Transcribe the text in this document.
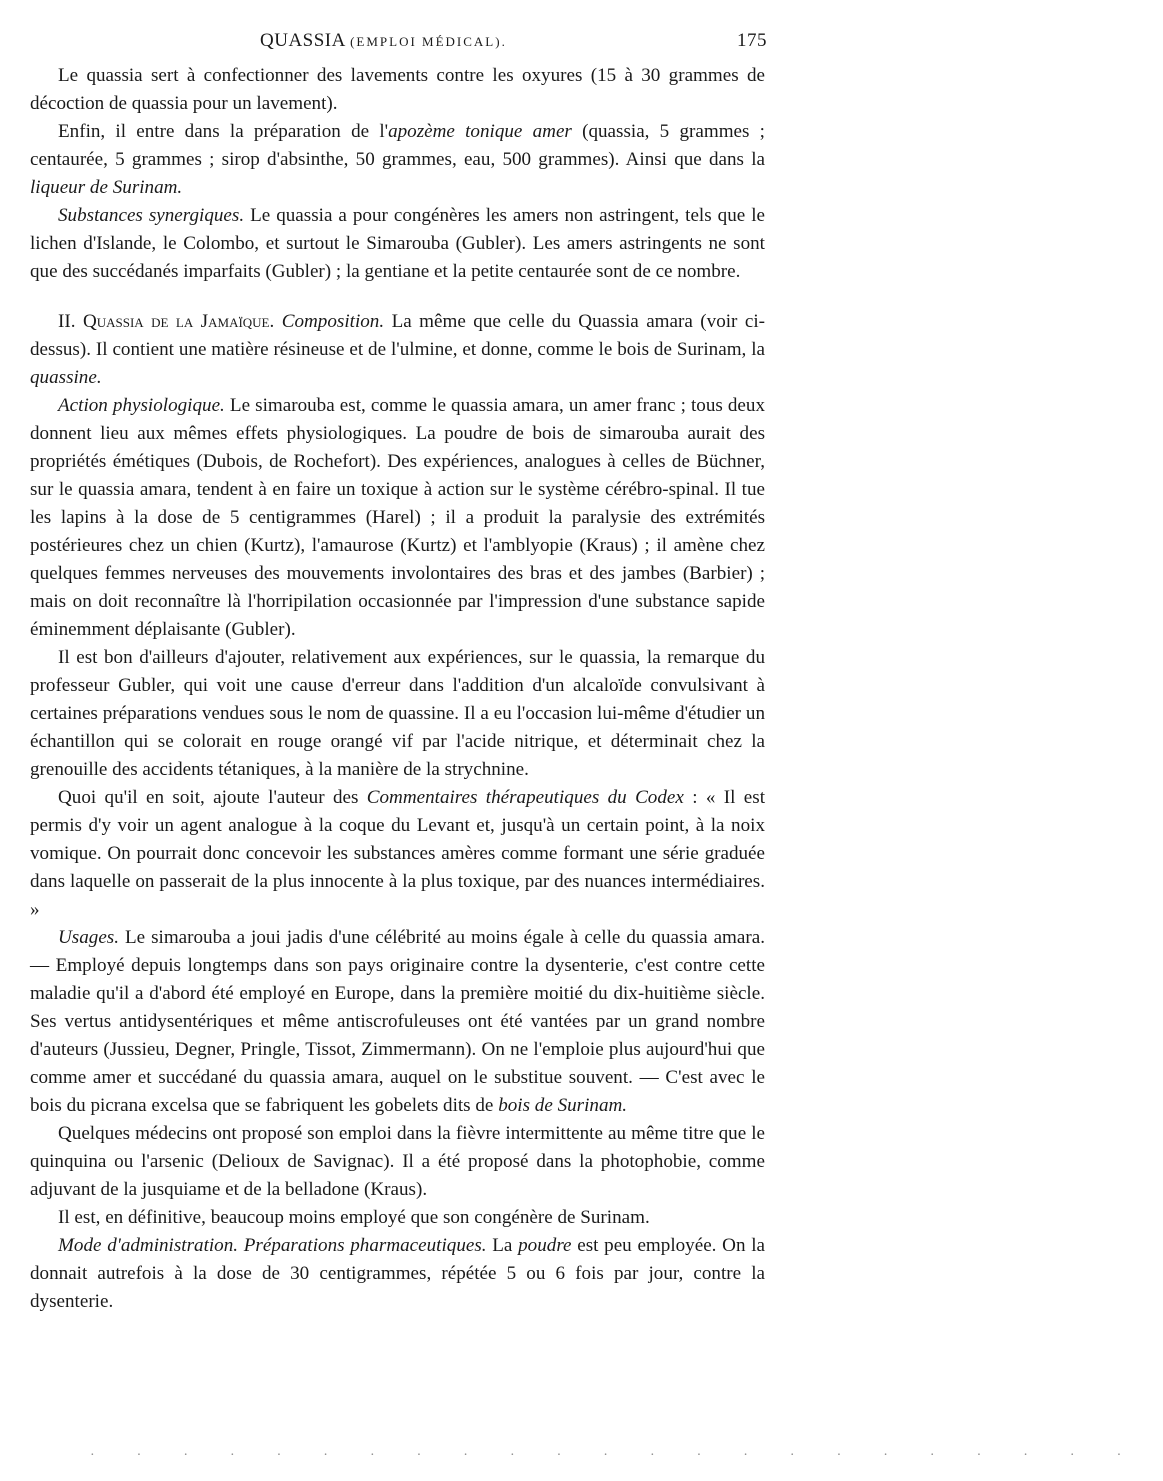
QUASSIA (EMPLOI MÉDICAL).	175

Le quassia sert à confectionner des lavements contre les oxyures (15 à 30 grammes de décoction de quassia pour un lavement).

Enfin, il entre dans la préparation de l'apozème tonique amer (quassia, 5 grammes ; centaurée, 5 grammes ; sirop d'absinthe, 50 grammes, eau, 500 grammes). Ainsi que dans la liqueur de Surinam.

Substances synergiques. Le quassia a pour congénères les amers non astringent, tels que le lichen d'Islande, le Colombo, et surtout le Simarouba (Gubler). Les amers astringents ne sont que des succédanés imparfaits (Gubler) ; la gentiane et la petite centaurée sont de ce nombre.

II. Quassia de la Jamaïque. Composition. La même que celle du Quassia amara (voir ci-dessus). Il contient une matière résineuse et de l'ulmine, et donne, comme le bois de Surinam, la quassine.

Action physiologique. Le simarouba est, comme le quassia amara, un amer franc ; tous deux donnent lieu aux mêmes effets physiologiques. La poudre de bois de simarouba aurait des propriétés émétiques (Dubois, de Rochefort). Des expériences, analogues à celles de Büchner, sur le quassia amara, tendent à en faire un toxique à action sur le système cérébro-spinal. Il tue les lapins à la dose de 5 centigrammes (Harel) ; il a produit la paralysie des extrémités postérieures chez un chien (Kurtz), l'amaurose (Kurtz) et l'amblyopie (Kraus) ; il amène chez quelques femmes nerveuses des mouvements involontaires des bras et des jambes (Barbier) ; mais on doit reconnaître là l'horripilation occasionnée par l'impression d'une substance sapide éminemment déplaisante (Gubler).

Il est bon d'ailleurs d'ajouter, relativement aux expériences, sur le quassia, la remarque du professeur Gubler, qui voit une cause d'erreur dans l'addition d'un alcaloïde convulsivant à certaines préparations vendues sous le nom de quassine. Il a eu l'occasion lui-même d'étudier un échantillon qui se colorait en rouge orangé vif par l'acide nitrique, et déterminait chez la grenouille des accidents tétaniques, à la manière de la strychnine.

Quoi qu'il en soit, ajoute l'auteur des Commentaires thérapeutiques du Codex : « Il est permis d'y voir un agent analogue à la coque du Levant et, jusqu'à un certain point, à la noix vomique. On pourrait donc concevoir les substances amères comme formant une série graduée dans laquelle on passerait de la plus innocente à la plus toxique, par des nuances intermédiaires. »

Usages. Le simarouba a joui jadis d'une célébrité au moins égale à celle du quassia amara. — Employé depuis longtemps dans son pays originaire contre la dysenterie, c'est contre cette maladie qu'il a d'abord été employé en Europe, dans la première moitié du dix-huitième siècle. Ses vertus antidysentériques et même antiscrofuleuses ont été vantées par un grand nombre d'auteurs (Jussieu, Degner, Pringle, Tissot, Zimmermann). On ne l'emploie plus aujourd'hui que comme amer et succédané du quassia amara, auquel on le substitue souvent. — C'est avec le bois du picrana excelsa que se fabriquent les gobelets dits de bois de Surinam.

Quelques médecins ont proposé son emploi dans la fièvre intermittente au même titre que le quinquina ou l'arsenic (Delioux de Savignac). Il a été proposé dans la photophobie, comme adjuvant de la jusquiame et de la belladone (Kraus).

Il est, en définitive, beaucoup moins employé que son congénère de Surinam.

Mode d'administration. Préparations pharmaceutiques. La poudre est peu employée. On la donnait autrefois à la dose de 30 centigrammes, répétée 5 ou 6 fois par jour, contre la dysenterie.

·······················
